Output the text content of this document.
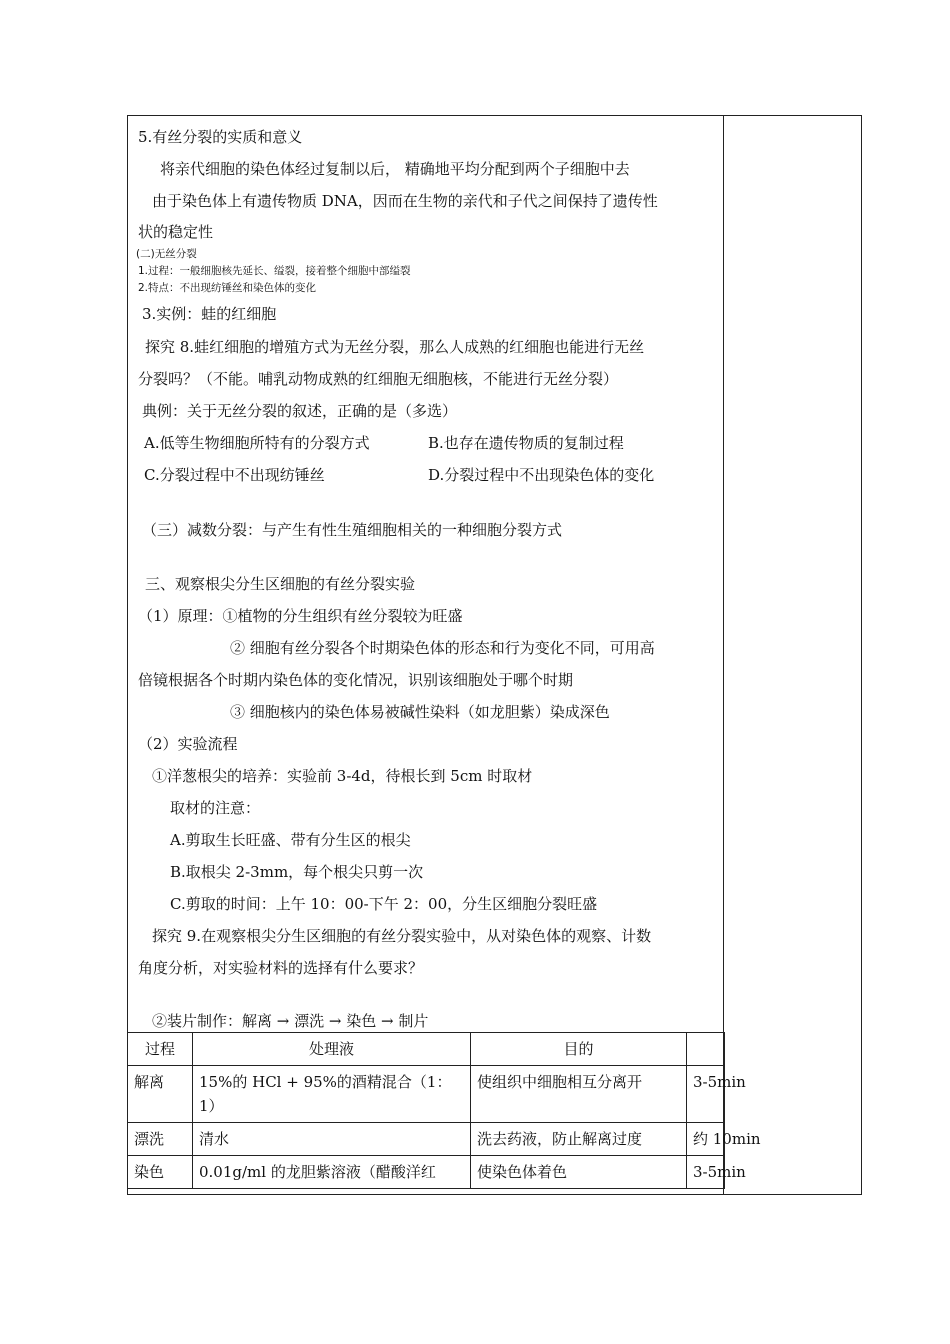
5.有丝分裂的实质和意义
将亲代细胞的染色体经过复制以后， 精确地平均分配到两个子细胞中去
由于染色体上有遗传物质 DNA，因而在生物的亲代和子代之间保持了遗传性
状的稳定性
(二)无丝分裂
1.过程：一般细胞核先延长、缢裂，接着整个细胞中部缢裂
2.特点：不出现纺锤丝和染色体的变化
3.实例：蛙的红细胞
探究 8.蛙红细胞的增殖方式为无丝分裂，那么人成熟的红细胞也能进行无丝
分裂吗？（不能。哺乳动物成熟的红细胞无细胞核，不能进行无丝分裂）
典例：关于无丝分裂的叙述，正确的是（多选）
A.低等生物细胞所特有的分裂方式	B.也存在遗传物质的复制过程
C.分裂过程中不出现纺锤丝	D.分裂过程中不出现染色体的变化
（三）减数分裂：与产生有性生殖细胞相关的一种细胞分裂方式
三、观察根尖分生区细胞的有丝分裂实验
（1）原理：①植物的分生组织有丝分裂较为旺盛
② 细胞有丝分裂各个时期染色体的形态和行为变化不同，可用高
倍镜根据各个时期内染色体的变化情况，识别该细胞处于哪个时期
③ 细胞核内的染色体易被碱性染料（如龙胆紫）染成深色
（2）实验流程
①洋葱根尖的培养：实验前 3-4d，待根长到 5cm 时取材
取材的注意：
A.剪取生长旺盛、带有分生区的根尖
B.取根尖 2-3mm，每个根尖只剪一次
C.剪取的时间：上午 10：00-下午 2：00，分生区细胞分裂旺盛
探究 9.在观察根尖分生区细胞的有丝分裂实验中，从对染色体的观察、计数
角度分析，对实验材料的选择有什么要求？
②装片制作：解离 → 漂洗 → 染色 → 制片
过程	处理液	目的	
解离	15%的 HCl + 95%的酒精混合（1：1）	使组织中细胞相互分离开	3-5min
漂洗	清水	洗去药液，防止解离过度	约 10min
染色	0.01g/ml 的龙胆紫溶液（醋酸洋红	使染色体着色	3-5min
